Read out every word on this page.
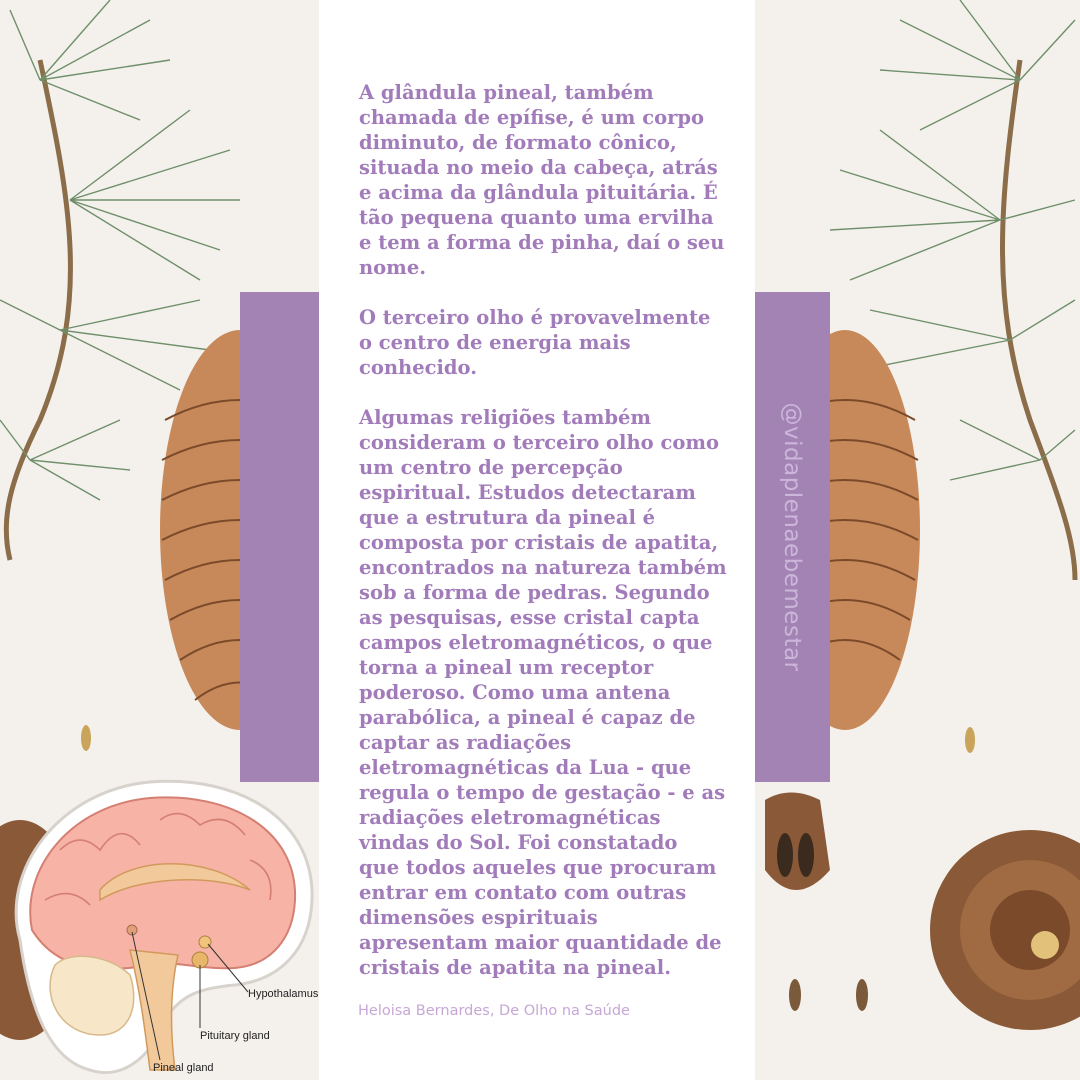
A glândula pineal, também
chamada de epífise, é um corpo
diminuto, de formato cônico,
situada no meio da cabeça, atrás
e acima da glândula pituitária. É
tão pequena quanto uma ervilha
e tem a forma de pinha, daí o seu
nome.

O terceiro olho é provavelmente
o centro de energia mais
conhecido.

Algumas religiões também
consideram o terceiro olho como
um centro de percepção
espiritual. Estudos detectaram
que a estrutura da pineal é
composta por cristais de apatita,
encontrados na natureza também
sob a forma de pedras. Segundo
as pesquisas, esse cristal capta
campos eletromagnéticos, o que
torna a pineal um receptor
poderoso. Como uma antena
parabólica, a pineal é capaz de
captar as radiações
eletromagnéticas da Lua - que
regula o tempo de gestação - e as
radiações eletromagnéticas
vindas do Sol. Foi constatado
que todos aqueles que procuram
entrar em contato com outras
dimensões espirituais
apresentam maior quantidade de
cristais de apatita na pineal.

Heloisa Bernardes, De Olho na Saúde
@vidaplenaebemestar
Hypothalamus
Pituitary gland
Pineal gland
